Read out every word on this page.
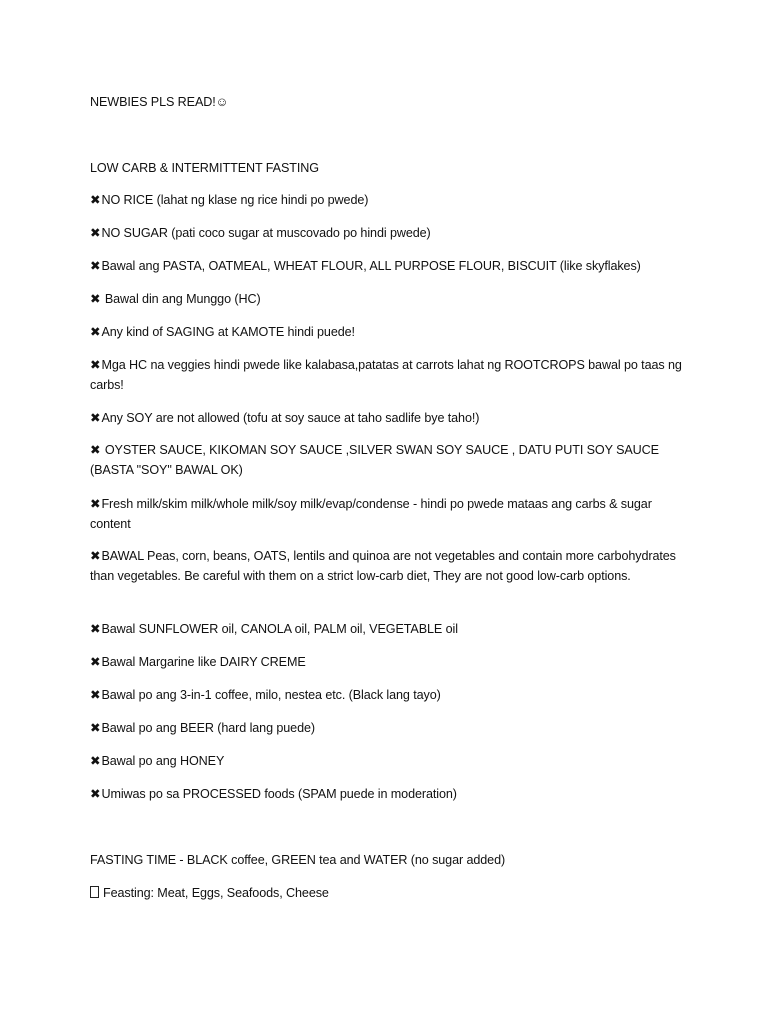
NEWBIES PLS READ!☺
LOW CARB & INTERMITTENT FASTING
✖NO RICE (lahat ng klase ng rice hindi po pwede)
✖NO SUGAR (pati coco sugar at muscovado po hindi pwede)
✖Bawal ang PASTA, OATMEAL, WHEAT FLOUR, ALL PURPOSE FLOUR, BISCUIT (like skyflakes)
✖ Bawal din ang Munggo (HC)
✖Any kind of SAGING at KAMOTE hindi puede!
✖Mga HC na veggies hindi pwede like kalabasa,patatas at carrots lahat ng ROOTCROPS bawal po taas ng carbs!
✖Any SOY are not allowed (tofu at soy sauce at taho sadlife bye taho!)
✖ OYSTER SAUCE, KIKOMAN SOY SAUCE ,SILVER SWAN SOY SAUCE , DATU PUTI SOY SAUCE (BASTA "SOY" BAWAL OK)
✖Fresh milk/skim milk/whole milk/soy milk/evap/condense - hindi po pwede mataas ang carbs & sugar content
✖BAWAL Peas, corn, beans, OATS, lentils and quinoa are not vegetables and contain more carbohydrates than vegetables. Be careful with them on a strict low-carb diet, They are not good low-carb options.
✖Bawal SUNFLOWER oil, CANOLA oil, PALM oil, VEGETABLE oil
✖Bawal Margarine like DAIRY CREME
✖Bawal po ang 3-in-1 coffee, milo, nestea etc. (Black lang tayo)
✖Bawal po ang BEER (hard lang puede)
✖Bawal po ang HONEY
✖Umiwas po sa PROCESSED foods (SPAM puede in moderation)
FASTING TIME - BLACK coffee, GREEN tea and WATER (no sugar added)
Feasting: Meat, Eggs, Seafoods, Cheese
